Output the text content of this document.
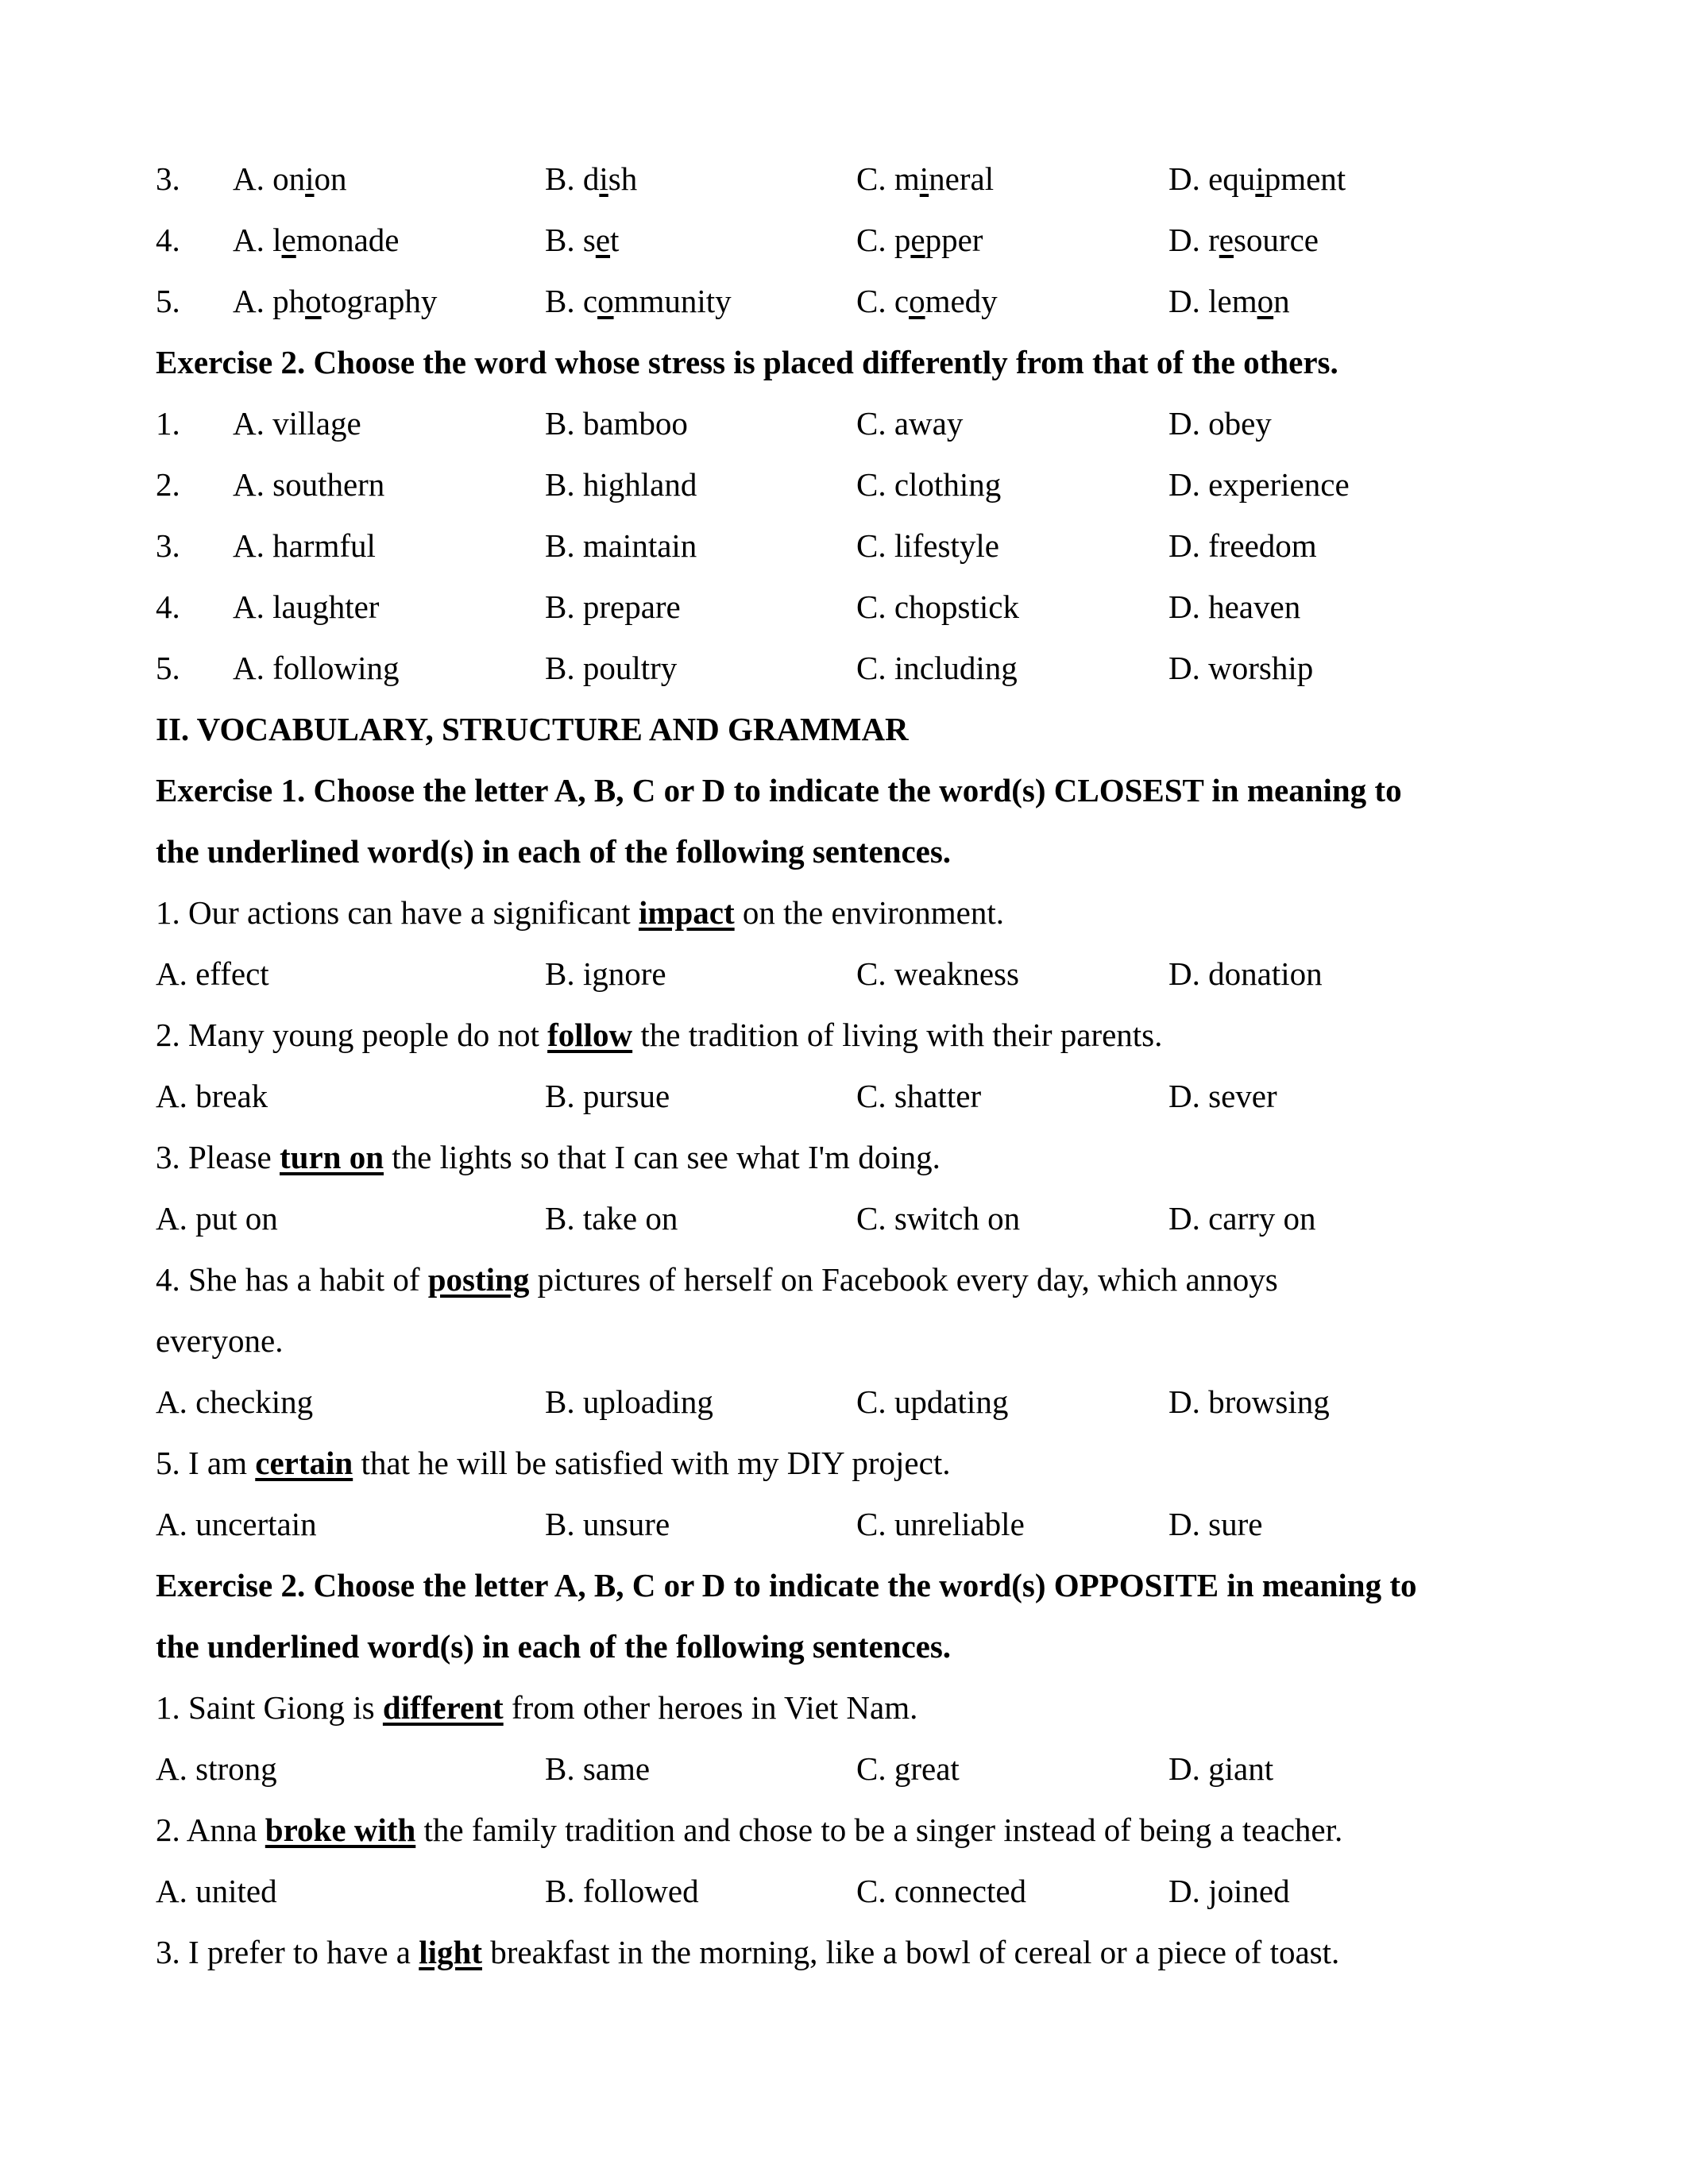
3. A. onion	B. dish	C. mineral	D. equipment
4. A. lemonade	B. set	C. pepper	D. resource
5. A. photography	B. community	C. comedy	D. lemon
Exercise 2. Choose the word whose stress is placed differently from that of the others.
1. A. village	B. bamboo	C. away	D. obey
2. A. southern	B. highland	C. clothing	D. experience
3. A. harmful	B. maintain	C. lifestyle	D. freedom
4. A. laughter	B. prepare	C. chopstick	D. heaven
5. A. following	B. poultry	C. including	D. worship
II. VOCABULARY, STRUCTURE AND GRAMMAR
Exercise 1. Choose the letter A, B, C or D to indicate the word(s) CLOSEST in meaning to
the underlined word(s) in each of the following sentences.
1. Our actions can have a significant impact on the environment.
A. effect	B. ignore	C. weakness	D. donation
2. Many young people do not follow the tradition of living with their parents.
A. break	B. pursue	C. shatter	D. sever
3. Please turn on the lights so that I can see what I'm doing.
A. put on	B. take on	C. switch on	D. carry on
4. She has a habit of posting pictures of herself on Facebook every day, which annoys
everyone.
A. checking	B. uploading	C. updating	D. browsing
5. I am certain that he will be satisfied with my DIY project.
A. uncertain	B. unsure	C. unreliable	D. sure
Exercise 2. Choose the letter A, B, C or D to indicate the word(s) OPPOSITE in meaning to
the underlined word(s) in each of the following sentences.
1. Saint Giong is different from other heroes in Viet Nam.
A. strong	B. same	C. great	D. giant
2. Anna broke with the family tradition and chose to be a singer instead of being a teacher.
A. united	B. followed	C. connected	D. joined
3. I prefer to have a light breakfast in the morning, like a bowl of cereal or a piece of toast.
